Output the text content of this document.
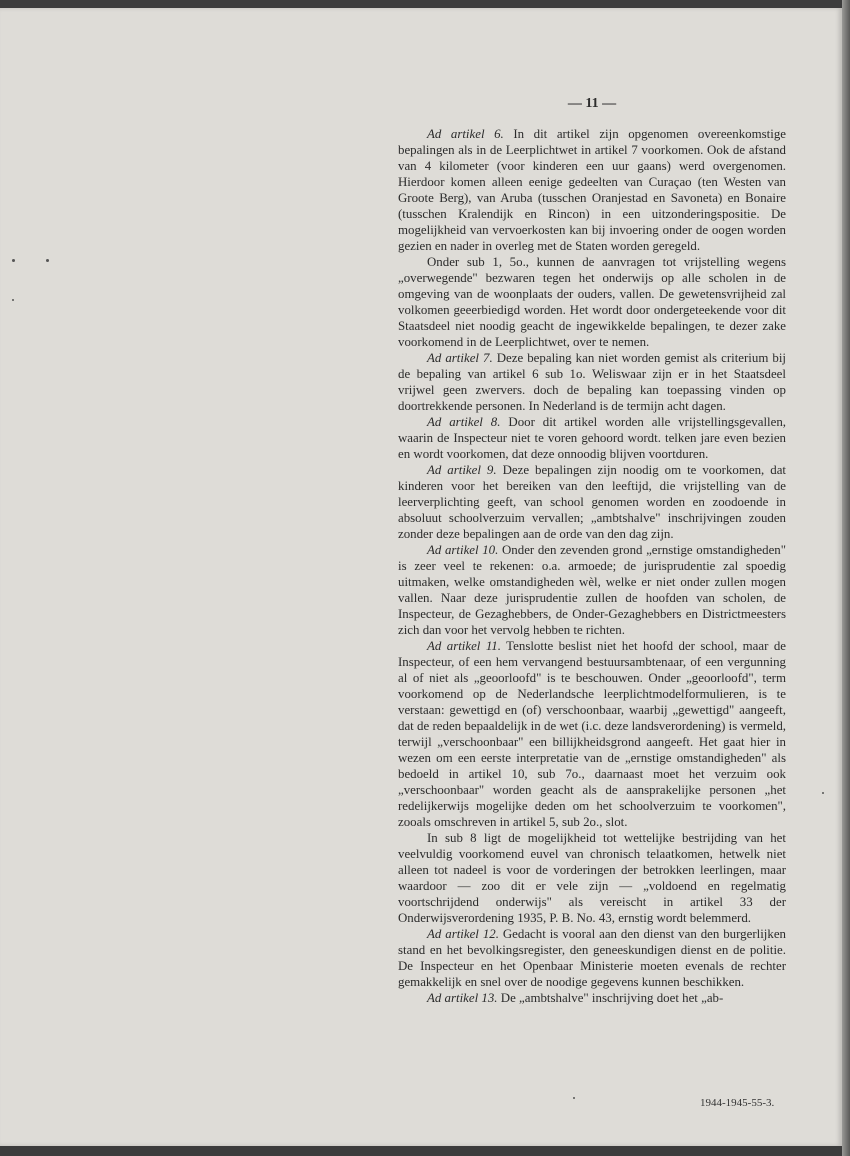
— 11 —

Ad artikel 6. In dit artikel zijn opgenomen overeenkomstige bepalingen als in de Leerplichtwet in artikel 7 voorkomen. Ook de afstand van 4 kilometer (voor kinderen een uur gaans) werd overgenomen. Hierdoor komen alleen eenige gedeelten van Curaçao (ten Westen van Groote Berg), van Aruba (tusschen Oranjestad en Savoneta) en Bonaire (tusschen Kralendijk en Rincon) in een uitzonderingspositie. De mogelijkheid van vervoerkosten kan bij invoering onder de oogen worden gezien en nader in overleg met de Staten worden geregeld.

Onder sub 1, 5o., kunnen de aanvragen tot vrijstelling wegens „overwegende" bezwaren tegen het onderwijs op alle scholen in de omgeving van de woonplaats der ouders, vallen. De gewetensvrijheid zal volkomen geeerbiedigd worden. Het wordt door ondergeteekende voor dit Staatsdeel niet noodig geacht de ingewikkelde bepalingen, te dezer zake voorkomend in de Leerplichtwet, over te nemen.

Ad artikel 7. Deze bepaling kan niet worden gemist als criterium bij de bepaling van artikel 6 sub 1o. Weliswaar zijn er in het Staatsdeel vrijwel geen zwervers. doch de bepaling kan toepassing vinden op doortrekkende personen. In Nederland is de termijn acht dagen.

Ad artikel 8. Door dit artikel worden alle vrijstellingsgevallen, waarin de Inspecteur niet te voren gehoord wordt. telken jare even bezien en wordt voorkomen, dat deze onnoodig blijven voortduren.

Ad artikel 9. Deze bepalingen zijn noodig om te voorkomen, dat kinderen voor het bereiken van den leeftijd, die vrijstelling van de leerverplichting geeft, van school genomen worden en zoodoende in absoluut schoolverzuim vervallen; „ambtshalve" inschrijvingen zouden zonder deze bepalingen aan de orde van den dag zijn.

Ad artikel 10. Onder den zevenden grond „ernstige omstandigheden" is zeer veel te rekenen: o.a. armoede; de jurisprudentie zal spoedig uitmaken, welke omstandigheden wèl, welke er niet onder zullen mogen vallen. Naar deze jurisprudentie zullen de hoofden van scholen, de Inspecteur, de Gezaghebbers, de Onder-Gezaghebbers en Districtmeesters zich dan voor het vervolg hebben te richten.

Ad artikel 11. Tenslotte beslist niet het hoofd der school, maar de Inspecteur, of een hem vervangend bestuursambtenaar, of een vergunning al of niet als „geoorloofd" is te beschouwen. Onder „geoorloofd", term voorkomend op de Nederlandsche leerplichtmodelformulieren, is te verstaan: gewettigd en (of) verschoonbaar, waarbij „gewettigd" aangeeft, dat de reden bepaaldelijk in de wet (i.c. deze landsverordening) is vermeld, terwijl „verschoonbaar" een billijkheidsgrond aangeeft. Het gaat hier in wezen om een eerste interpretatie van de „ernstige omstandigheden" als bedoeld in artikel 10, sub 7o., daarnaast moet het verzuim ook „verschoonbaar" worden geacht als de aansprakelijke personen „het redelijkerwijs mogelijke deden om het schoolverzuim te voorkomen", zooals omschreven in artikel 5, sub 2o., slot.

In sub 8 ligt de mogelijkheid tot wettelijke bestrijding van het veelvuldig voorkomend euvel van chronisch telaatkomen, hetwelk niet alleen tot nadeel is voor de vorderingen der betrokken leerlingen, maar waardoor — zoo dit er vele zijn — „voldoend en regelmatig voortschrijdend onderwijs" als vereischt in artikel 33 der Onderwijsverordening 1935, P. B. No. 43, ernstig wordt belemmerd.

Ad artikel 12. Gedacht is vooral aan den dienst van den burgerlijken stand en het bevolkingsregister, den geneeskundigen dienst en de politie. De Inspecteur en het Openbaar Ministerie moeten evenals de rechter gemakkelijk en snel over de noodige gegevens kunnen beschikken.

Ad artikel 13. De „ambtshalve" inschrijving doet het „ab-

1944-1945-55-3.
